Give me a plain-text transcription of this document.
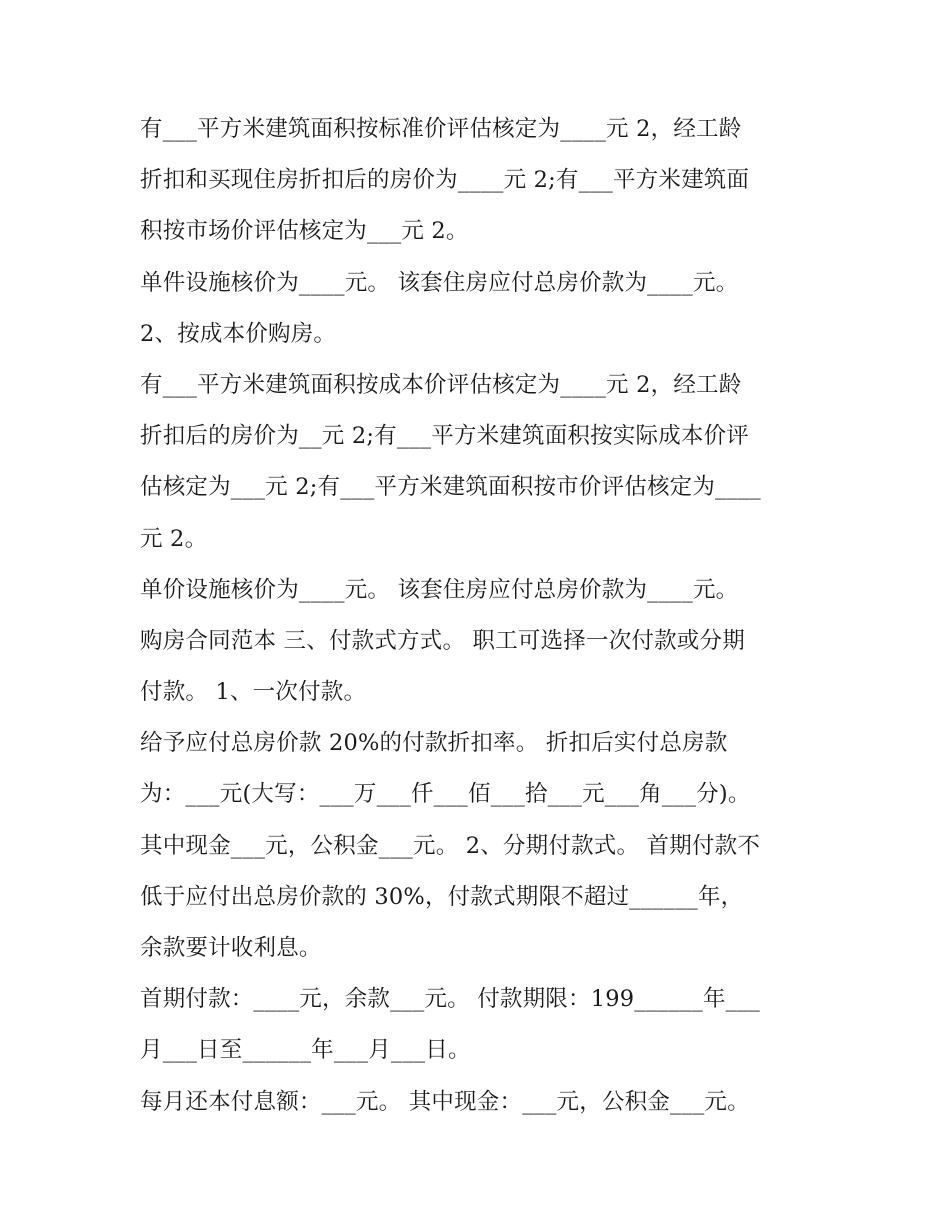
有___平方米建筑面积按标准价评估核定为____元 2，经工龄
折扣和买现住房折扣后的房价为____元 2;有___平方米建筑面
积按市场价评估核定为___元 2。
单件设施核价为____元。 该套住房应付总房价款为____元。
2、按成本价购房。
有___平方米建筑面积按成本价评估核定为____元 2，经工龄
折扣后的房价为__元 2;有___平方米建筑面积按实际成本价评
估核定为___元 2;有___平方米建筑面积按市价评估核定为____
元 2。
单价设施核价为____元。 该套住房应付总房价款为____元。
购房合同范本 三、付款式方式。 职工可选择一次付款或分期
付款。 1、一次付款。
给予应付总房价款 20%的付款折扣率。 折扣后实付总房款
为：___元(大写：___万___仟___佰___拾___元___角___分)。
其中现金___元，公积金___元。 2、分期付款式。 首期付款不
低于应付出总房价款的 30%，付款式期限不超过______年，
余款要计收利息。
首期付款：____元，余款___元。 付款期限：199______年___
月___日至______年___月___日。
每月还本付息额：___元。 其中现金：___元，公积金___元。
